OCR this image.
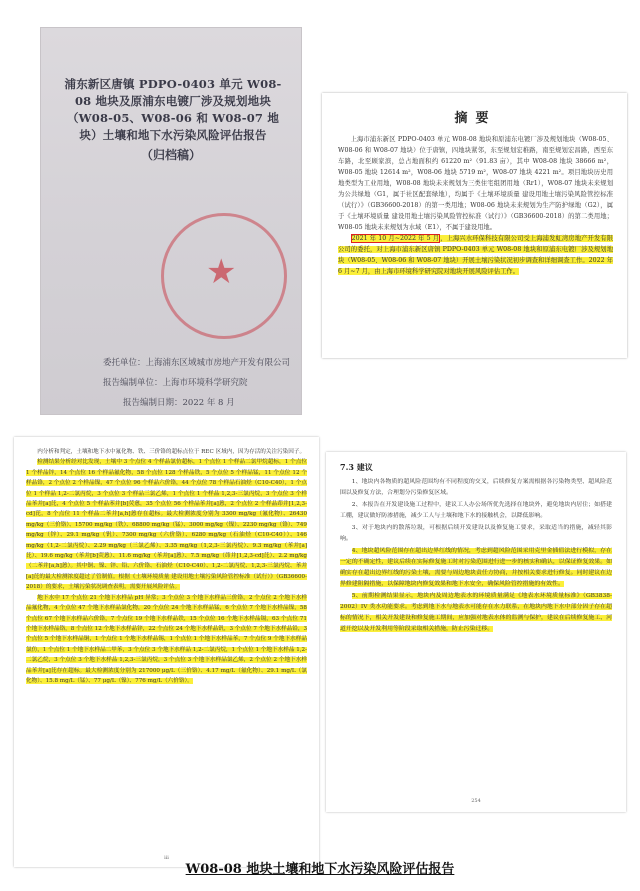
浦东新区唐镇 PDPO-0403 单元 W08-08 地块及原浦东电镀厂涉及规划地块（W08-05、W08-06 和 W08-07 地块）土壤和地下水污染风险评估报告
（归档稿）
★
委托单位：上海浦东区域城市房地产开发有限公司
报告编制单位：上海市环境科学研究院
报告编制日期：2022 年 8 月
摘要
上海市浦东新区 PDPO-0403 单元 W08-08 地块和原浦东电镀厂涉及规划地块（W08-05、W08-06 和 W08-07 地块）位于唐镇，四地块紧邻，东至规划宏稚路，南至规划宏昌路，西至东车路，北至顾家滨，总占地面积约 61220 m²（91.83 亩），其中 W08-08 地块 38666 m²，W08-05 地块 12614 m²，W08-06 地块 5719 m²，W08-07 地块 4221 m²。项目地块历史用地类型为工业用地，W08-08 地块未来规划为三类住宅组团用地（Rr1），W08-07 地块未来规划为公共绿地（G1，属于社区配套绿地），均属于《土壤环境质量 建设用地土壤污染风险管控标准（试行）》（GB36600-2018）的第一类用地；W08-06 地块未来规划为生产防护绿地（G2），属于《土壤环境质量 建设用地土壤污染风险管控标准（试行）》（GB36600-2018）的第二类用地；W08-05 地块未来规划为水域（E1），不属于建设用地。
2021 年 10 月~2022 年 5 月，上海兴水环保科技有限公司受上海浦发虹湾房地产开发有限公司的委托，对上海市浦东新区唐镇 PDPO-0403 单元 W08-08 地块和原浦东电镀厂涉及规划地块（W08-05、W08-06 和 W08-07 地块）开展土壤污染状况初步调查和详细调查工作。2022 年 6 月~7 月，由上海市环境科学研究院对地块开展风险评估工作。
内分析和判定，土壤和地下水中氟化物、铁、三价铬的超标点位于 REC 区域内，因为存活的关注污染因子。
检测结果分析经对比发现，土壤中 3 个点位 4 个样品氯仿超标，1 个点位 1 个样品二氯甲烷超标，1 个点位 1 个样品锌，14 个点位 16 个样品氟化物，58 个点位 128 个样品铁，5 个点位 5 个样品锰，11 个点位 12 个样品铬，2 个点位 2 个样品镍，47 个点位 96 个样品六价铬，44 个点位 78 个样品石油烃（C10-C40），1 个点位 1 个样品 1,2-二氯丙烷，3 个点位 3 个样品三氯乙烯，1 个点位 1 个样品 1,2,3-三氯丙烷，3 个点位 3 个样品苯并[a]芘，4 个点位 5 个样品苯并[b]荧蒽，35 个点位 56 个样品苯并[a]蒽，2 个点位 2 个样品茚并[1,2,3-cd]芘，8 个点位 11 个样品二苯并[a,h]蒽存在超标。最大检测浓度分别为 3300 mg/kg（氟化物）、26430 mg/kg（三价铬）、15700 mg/kg（铁）、68800 mg/kg（锰）、3000 mg/kg（镍）、2230 mg/kg（铬）、749 mg/kg（锌）、29.1 mg/kg（钒）、7300 mg/kg（六价铬）、6280 mg/kg（石油烃（C10-C40））、146 mg/kg（1,2-二氯丙烷）、2.29 mg/kg（三氯乙烯）、3.35 mg/kg（1,2,3-三氯丙烷）、9.3 mg/kg（苯并[a]芘）、19.6 mg/kg（苯并[b]荧蒽）、11.6 mg/kg（苯并[a]蒽）、7.5 mg/kg（茚并[1,2,3-cd]芘）、2.2 mg/kg（二苯并[a,h]蒽）。其中铜、镍、锌、铅、六价铬、石油烃（C10-C40）、1,2-二氯丙烷、1,2,3-三氯丙烷、苯并[a]芘的最大检测浓度超过了管制值。根据《土壤环境质量 建设用地土壤污染风险管控标准（试行）》（GB36600-2018）的要求，土壤污染状况调查表明，需要开展风险评估。
地下水中 17 个点位 21 个地下水样品 pH 异常；3 个点位 3 个地下水样品三价铬，2 个点位 2 个地下水样品氟化物，4 个点位 47 个地下水样品氯化物，20 个点位 24 个地下水样品锰，6 个点位 7 个地下水样品镍，58 个点位 67 个地下水样品六价铬，7 个点位 19 个地下水样品铁，15 个点位 16 个地下水样品镉，63 个点位 71 个地下水样品铬，8 个点位 12 个地下水样品锌，22 个点位 24 个地下水样品钒，3 个点位 7 个地下水样品铅，3 个点位 5 个地下水样品铜，1 个点位 1 个地下水样品锡，1 个点位 1 个地下水样品苯，7 个点位 9 个地下水样品氯仿，1 个点位 1 个地下水样品二甲苯，3 个点位 3 个地下水样品 1,2-二氯丙烷，1 个点位 1 个地下水样品 1,2-二氯乙烷，3 个点位 3 个地下水样品 1,2,3-三氯丙烷，3 个点位 3 个地下水样品氯乙烯，2 个点位 2 个地下水样品苯并[a]芘存在超标。最大检测浓度分别为 217000 μg/L（三价铬）、4.17 mg/L（氟化物）、29.1 mg/L（氯化物）、15.8 mg/L（锰）、77 μg/L（镍）、776 mg/L（六价铬）。
iii
7.3 建议
1、地块内各物质的超风险范围均有不同程度的交叉，后续修复方案需根据各污染物类型、超风险范围以及修复方法，合理划分污染修复区域。
2、本报告在开发建设施工过程中，建议工人办公场所优先选择在地块外，避免地块内居住；如搭建工棚，建议做好防渗措施，减少工人与土壤和地下水的接触机会，以降低影响。
3、对于地块内的散落垃圾，可根据后续开发建设以及修复施工要求，采取适当的措施，减轻其影响。
4、地块超风险范围存在超出边界红线的情况，考虑到超风险范围采用克里金插值法进行模拟，存在一定的不确定性，建议后续在实际修复施工时对污染范围进行进一步的核实和确认，以保证修复效果。如确实存在超出边界红线的污染土壤，需要与周边地块责任方协商，并按相关要求进行修复。同时建议在边界修建阻隔措施，以保障地块内修复效果和地下水安全，确保风险管控措施的有效性。
5、前期检测结果显示，地块内及周边地表水的环境质量满足《地表水环境质量标准》（GB3838-2002）IV 类水功能要求。考虑到地下水与地表水可能存在水力联系，在地块内地下水中部分因子存在超标的情况下，相关开发建设和修复施工期间，应加强对地表水体的监测与保护，建议在后续修复施工、河道开挖以及开发利用等阶段采取相关措施，防止污染迁移。
254
W08-08 地块土壤和地下水污染风险评估报告
